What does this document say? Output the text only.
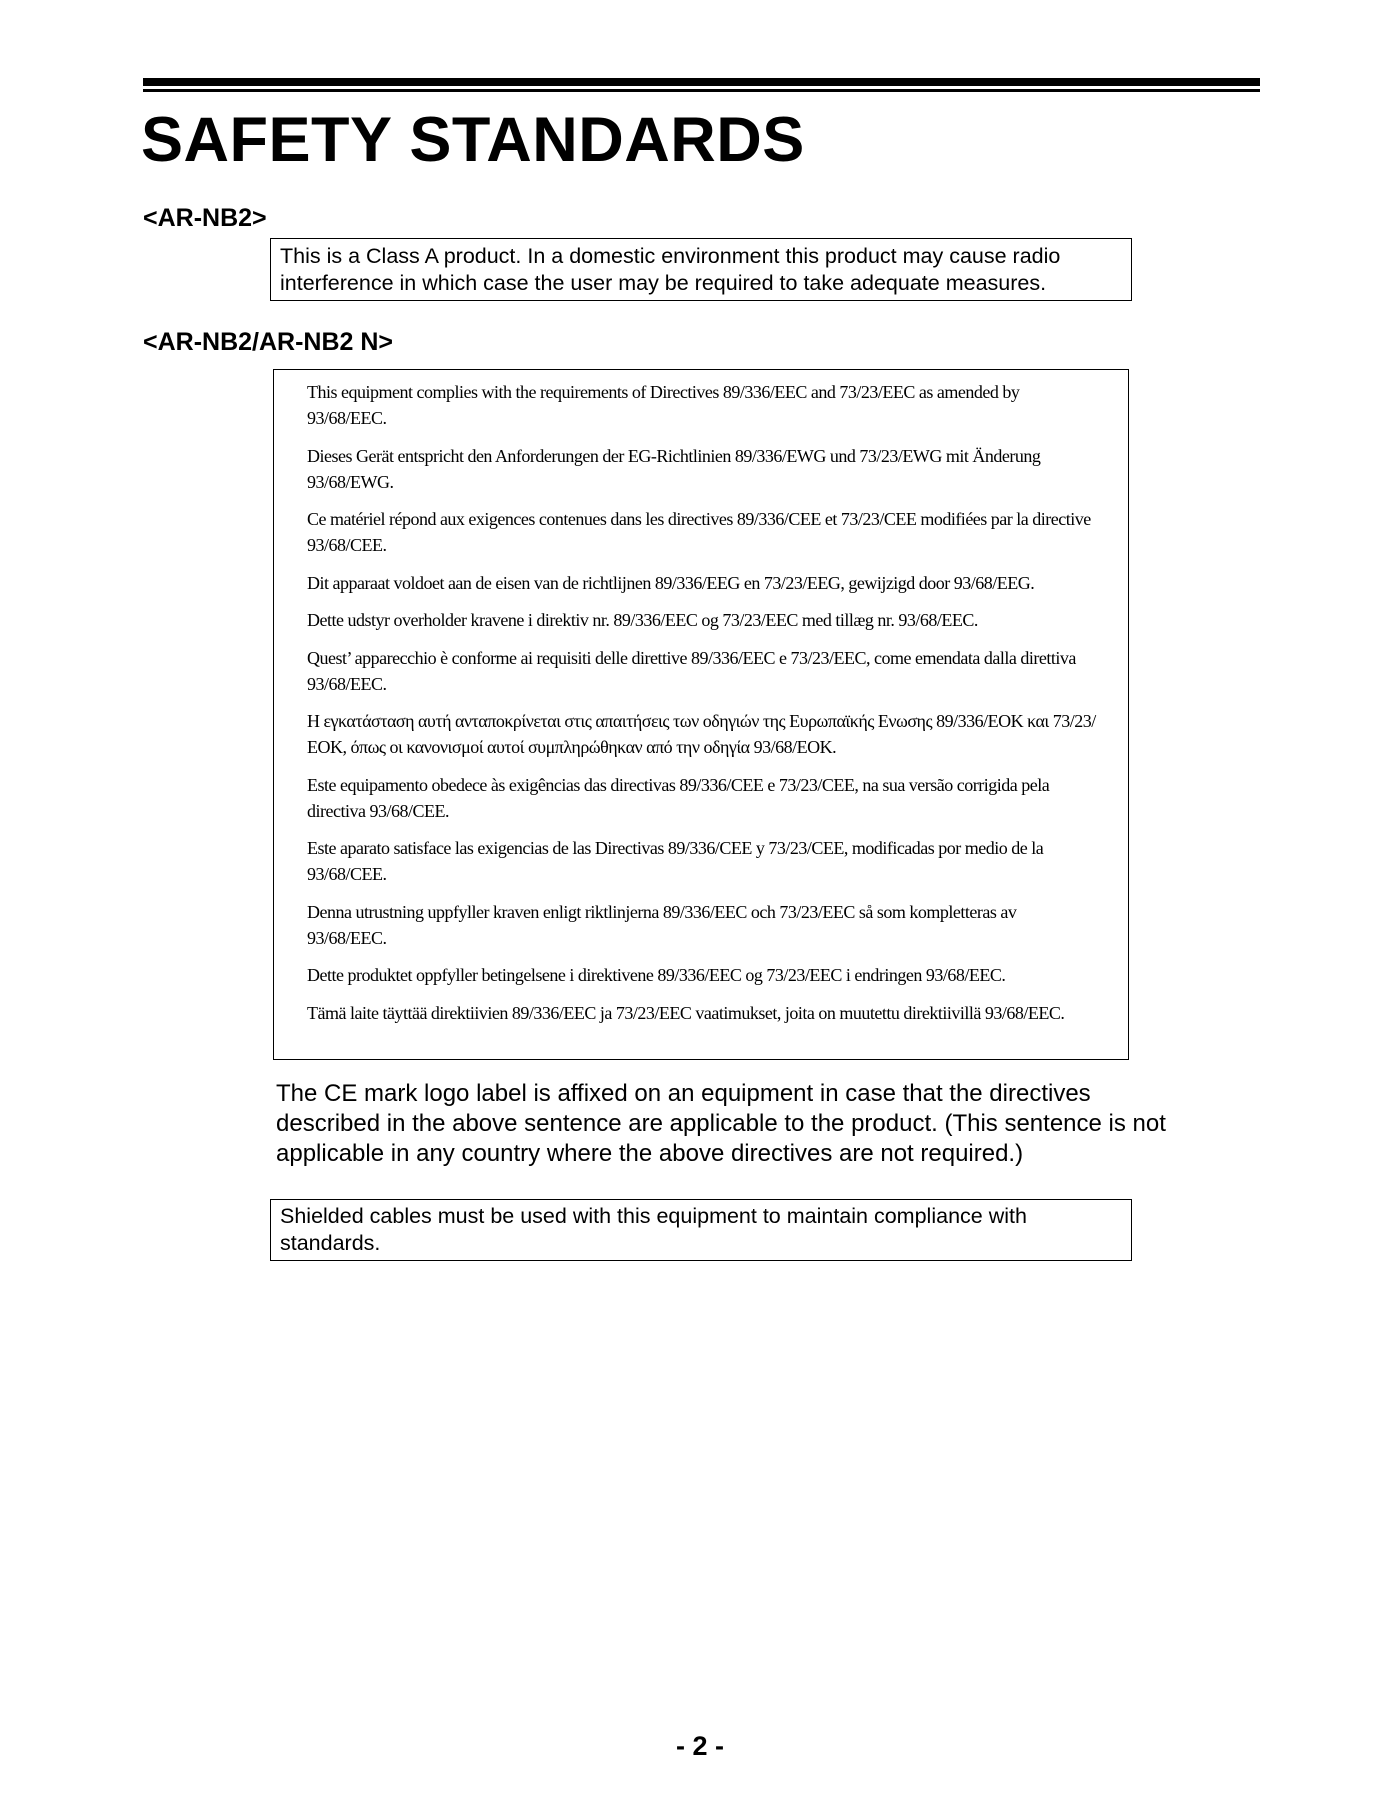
SAFETY STANDARDS
<AR-NB2>
This is a Class A product. In a domestic environment this product may cause radio interference in which case the user may be required to take adequate measures.
<AR-NB2/AR-NB2 N>

This equipment complies with the requirements of Directives 89/336/EEC and 73/23/EEC as amended by 93/68/EEC.

Dieses Gerät entspricht den Anforderungen der EG-Richtlinien 89/336/EWG und 73/23/EWG mit Änderung 93/68/EWG.

Ce matériel répond aux exigences contenues dans les directives 89/336/CEE et 73/23/CEE modifiées par la directive 93/68/CEE.

Dit apparaat voldoet aan de eisen van de richtlijnen 89/336/EEG en 73/23/EEG, gewijzigd door 93/68/EEG.

Dette udstyr overholder kravene i direktiv nr. 89/336/EEC og 73/23/EEC med tillæg nr. 93/68/EEC.

Quest’ apparecchio è conforme ai requisiti delle direttive 89/336/EEC e 73/23/EEC, come emendata dalla direttiva 93/68/EEC.

Η εγκατάσταση αυτή ανταποκρίνεται στις απαιτήσεις των οδηγιών της Ευρωπαϊκής Ενωσης 89/336/ΕΟΚ και 73/23/ΕΟΚ, όπως οι κανονισμοί αυτοί συμπληρώθηκαν από την οδηγία 93/68/ΕΟΚ.

Este equipamento obedece às exigências das directivas 89/336/CEE e 73/23/CEE, na sua versão corrigida pela directiva 93/68/CEE.

Este aparato satisface las exigencias de las Directivas 89/336/CEE y 73/23/CEE, modificadas por medio de la 93/68/CEE.

Denna utrustning uppfyller kraven enligt riktlinjerna 89/336/EEC och 73/23/EEC så som kompletteras av 93/68/EEC.

Dette produktet oppfyller betingelsene i direktivene 89/336/EEC og 73/23/EEC i endringen 93/68/EEC.

Tämä laite täyttää direktiivien 89/336/EEC ja 73/23/EEC vaatimukset, joita on muutettu direktiivillä 93/68/EEC.

The CE mark logo label is affixed on an equipment in case that the directives described in the above sentence are applicable to the product. (This sentence is not applicable in any country where the above directives are not required.)

Shielded cables must be used with this equipment to maintain compliance with standards.

- 2 -
